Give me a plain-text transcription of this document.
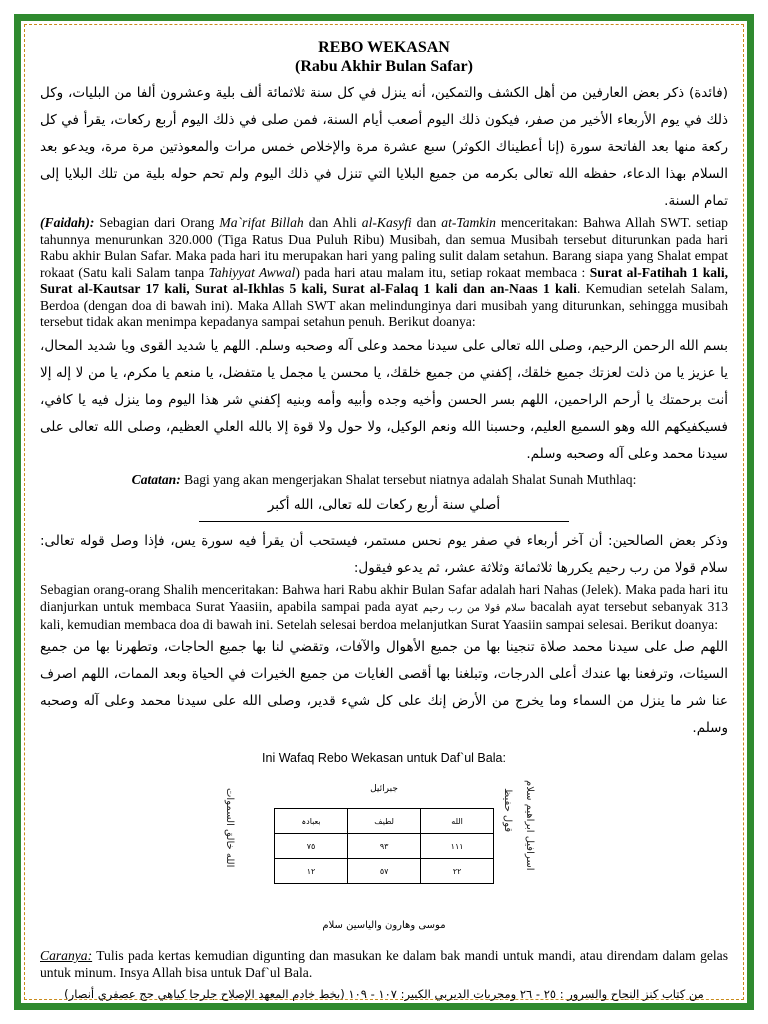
REBO WEKASAN
(Rabu Akhir Bulan Safar)

(فائدة) ذكر بعض العارفين من أهل الكشف والتمكين، أنه ينزل في كل سنة ثلاثمائة ألف بلية وعشرون ألفا من البليات، وكل ذلك في يوم الأربعاء الأخير من صفر، فيكون ذلك اليوم أصعب أيام السنة، فمن صلى في ذلك اليوم أربع ركعات، يقرأ في كل ركعة منها بعد الفاتحة سورة (إنا أعطيناك الكوثر) سبع عشرة مرة والإخلاص خمس مرات والمعوذتين مرة مرة، ويدعو بعد السلام بهذا الدعاء، حفظه الله تعالى بكرمه من جميع البلايا التي تنزل في ذلك اليوم ولم تحم حوله بلية من تلك البلايا إلى تمام السنة.

(Faidah): Sebagian dari Orang Ma`rifat Billah dan Ahli al-Kasyfi dan at-Tamkin menceritakan: Bahwa Allah SWT. setiap tahunnya menurunkan 320.000 (Tiga Ratus Dua Puluh Ribu) Musibah, dan semua Musibah tersebut diturunkan pada hari Rabu akhir Bulan Safar. Maka pada hari itu merupakan hari yang paling sulit dalam setahun. Barang siapa yang Shalat empat rokaat (Satu kali Salam tanpa Tahiyyat Awwal) pada hari atau malam itu, setiap rokaat membaca : Surat al-Fatihah 1 kali, Surat al-Kautsar 17 kali, Surat al-Ikhlas 5 kali, Surat al-Falaq 1 kali dan an-Naas 1 kali. Kemudian setelah Salam, Berdoa (dengan doa di bawah ini). Maka Allah SWT akan melindunginya dari musibah yang diturunkan, sehingga musibah tersebut tidak akan menimpa kepadanya sampai setahun penuh. Berikut doanya:

بسم الله الرحمن الرحيم، وصلى الله تعالى على سيدنا محمد وعلى آله وصحبه وسلم. اللهم يا شديد القوى ويا شديد المحال، يا عزيز يا من ذلت لعزتك جميع خلقك، إكفني من جميع خلقك، يا محسن يا مجمل يا متفضل، يا منعم يا مكرم، يا من لا إله إلا أنت برحمتك يا أرحم الراحمين، اللهم بسر الحسن وأخيه وجده وأبيه وأمه وبنيه إكفني شر هذا اليوم وما ينزل فيه يا كافي، فسيكفيكهم الله وهو السميع العليم، وحسبنا الله ونعم الوكيل، ولا حول ولا قوة إلا بالله العلي العظيم، وصلى الله تعالى على سيدنا محمد وعلى آله وصحبه وسلم.

Catatan: Bagi yang akan mengerjakan Shalat tersebut niatnya adalah Shalat Sunah Muthlaq:

أصلي سنة أربع ركعات لله تعالى، الله أكبر

وذكر بعض الصالحين: أن آخر أربعاء في صفر يوم نحس مستمر، فيستحب أن يقرأ فيه سورة يس، فإذا وصل قوله تعالى: سلام قولا من رب رحيم يكررها ثلاثمائة وثلاثة عشر، ثم يدعو فيقول:

Sebagian orang-orang Shalih menceritakan: Bahwa hari Rabu akhir Bulan Safar adalah hari Nahas (Jelek). Maka pada hari itu dianjurkan untuk membaca Surat Yaasiin, apabila sampai pada ayat سلام قولا من رب رحيم bacalah ayat tersebut sebanyak 313 kali, kemudian membaca doa di bawah ini. Setelah selesai berdoa melanjutkan Surat Yaasiin sampai selesai. Berikut doanya:

اللهم صل على سيدنا محمد صلاة تنجينا بها من جميع الأهوال والآفات، وتقضي لنا بها جميع الحاجات، وتطهرنا بها من جميع السيئات، وترفعنا بها عندك أعلى الدرجات، وتبلغنا بها أقصى الغايات من جميع الخيرات في الحياة وبعد الممات، اللهم اصرف عنا شر ما ينزل من السماء وما يخرج من الأرض إنك على كل شيء قدير، وصلى الله على سيدنا محمد وعلى آله وصحبه وسلم.

Ini Wafaq Rebo Wekasan untuk Daf`ul Bala:

الله خالق السموات	اسرافيل ابراهيم سلام
قول حفيظ
جبرائيل
بعبادہ	لطيف	الله
٧٥	٩٣	١١١
١٢	٥٧	٢٢
موسى وهارون والياسين سلام

Caranya: Tulis pada kertas kemudian digunting dan masukan ke dalam bak mandi untuk mandi, atau direndam dalam gelas untuk minum. Insya Allah bisa untuk Daf`ul Bala.

من كتاب كنز النجاح والسرور : ٢٥ - ٢٦ ومجربات الديربي الكبير: ١٠٧ - ١٠٩ (بخط خادم المعهد الإصلاح جلرجا كياهي حج عصفري أنصار)
